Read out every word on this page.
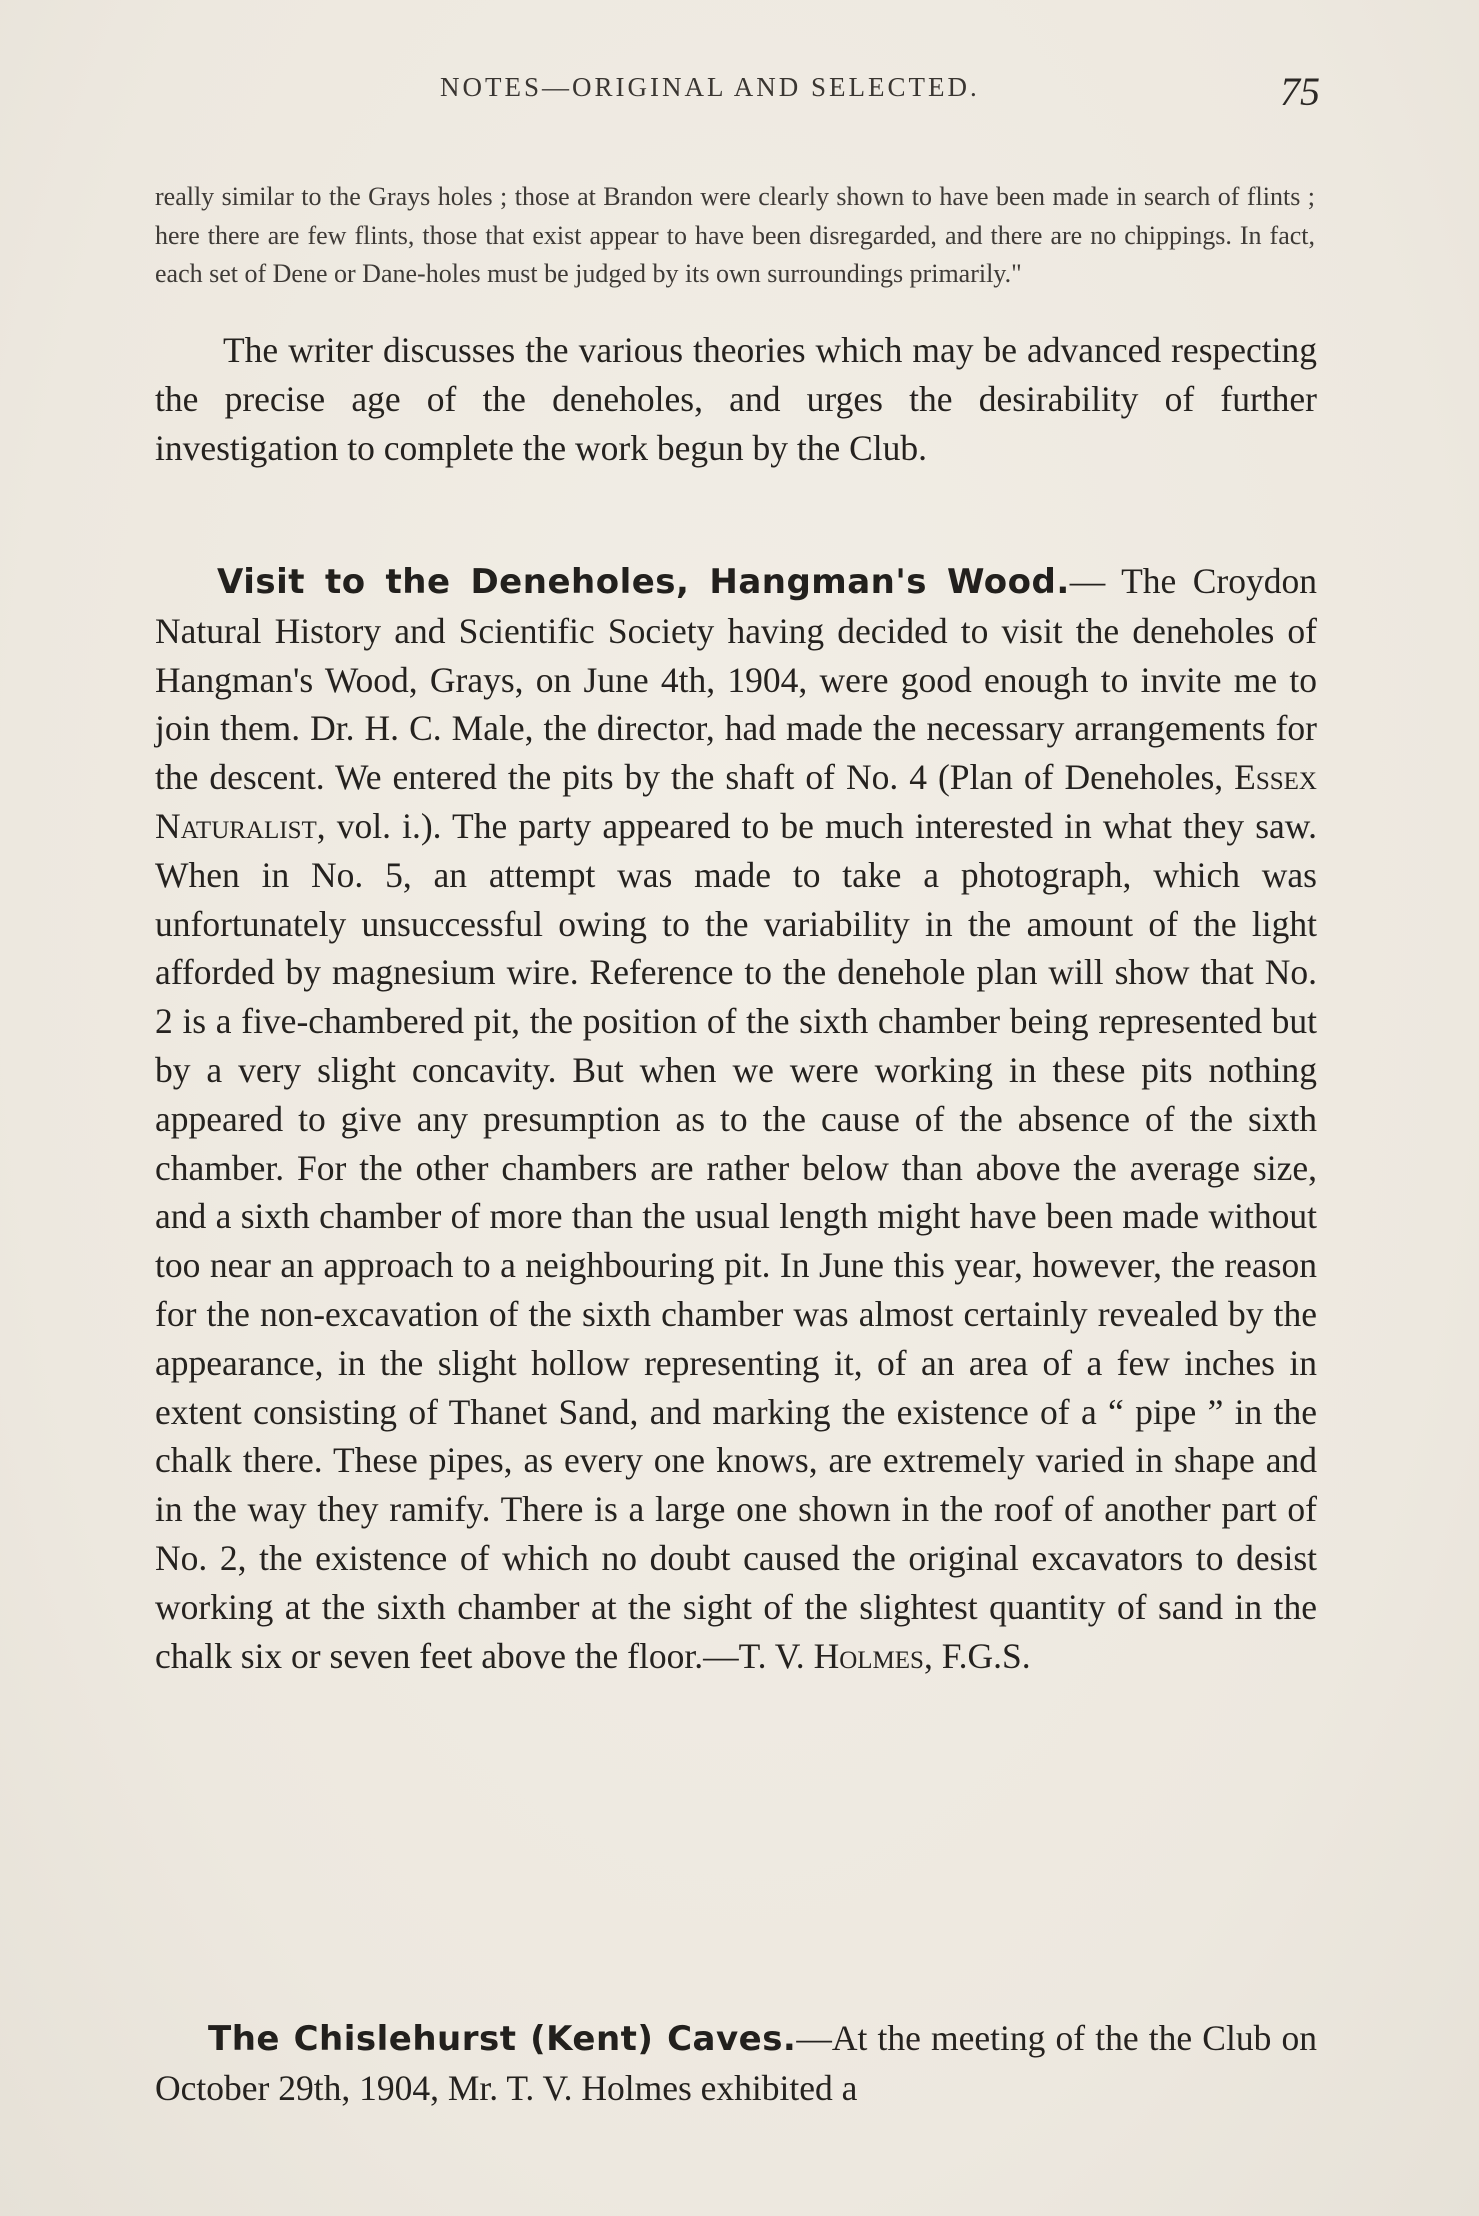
NOTES—ORIGINAL AND SELECTED.	75

really similar to the Grays holes ; those at Brandon were clearly shown to have been made in search of flints ; here there are few flints, those that exist appear to have been disregarded, and there are no chippings. In fact, each set of Dene or Dane-holes must be judged by its own surroundings primarily."

The writer discusses the various theories which may be advanced respecting the precise age of the deneholes, and urges the desirability of further investigation to complete the work begun by the Club.

Visit to the Deneholes, Hangman's Wood.— The Croydon Natural History and Scientific Society having decided to visit the deneholes of Hangman's Wood, Grays, on June 4th, 1904, were good enough to invite me to join them. Dr. H. C. Male, the director, had made the necessary arrangements for the descent. We entered the pits by the shaft of No. 4 (Plan of Deneholes, Essex Naturalist, vol. i.). The party appeared to be much interested in what they saw. When in No. 5, an attempt was made to take a photograph, which was unfortunately unsuccessful owing to the variability in the amount of the light afforded by magnesium wire. Reference to the denehole plan will show that No. 2 is a five-chambered pit, the position of the sixth chamber being represented but by a very slight concavity. But when we were working in these pits nothing appeared to give any presumption as to the cause of the absence of the sixth chamber. For the other chambers are rather below than above the average size, and a sixth chamber of more than the usual length might have been made without too near an approach to a neighbouring pit. In June this year, however, the reason for the non-excavation of the sixth chamber was almost certainly revealed by the appearance, in the slight hollow representing it, of an area of a few inches in extent consisting of Thanet Sand, and marking the existence of a “ pipe ” in the chalk there. These pipes, as every one knows, are extremely varied in shape and in the way they ramify. There is a large one shown in the roof of another part of No. 2, the existence of which no doubt caused the original excavators to desist working at the sixth chamber at the sight of the slightest quantity of sand in the chalk six or seven feet above the floor.—T. V. Holmes, F.G.S.

The Chislehurst (Kent) Caves.—At the meeting of the the Club on October 29th, 1904, Mr. T. V. Holmes exhibited a
